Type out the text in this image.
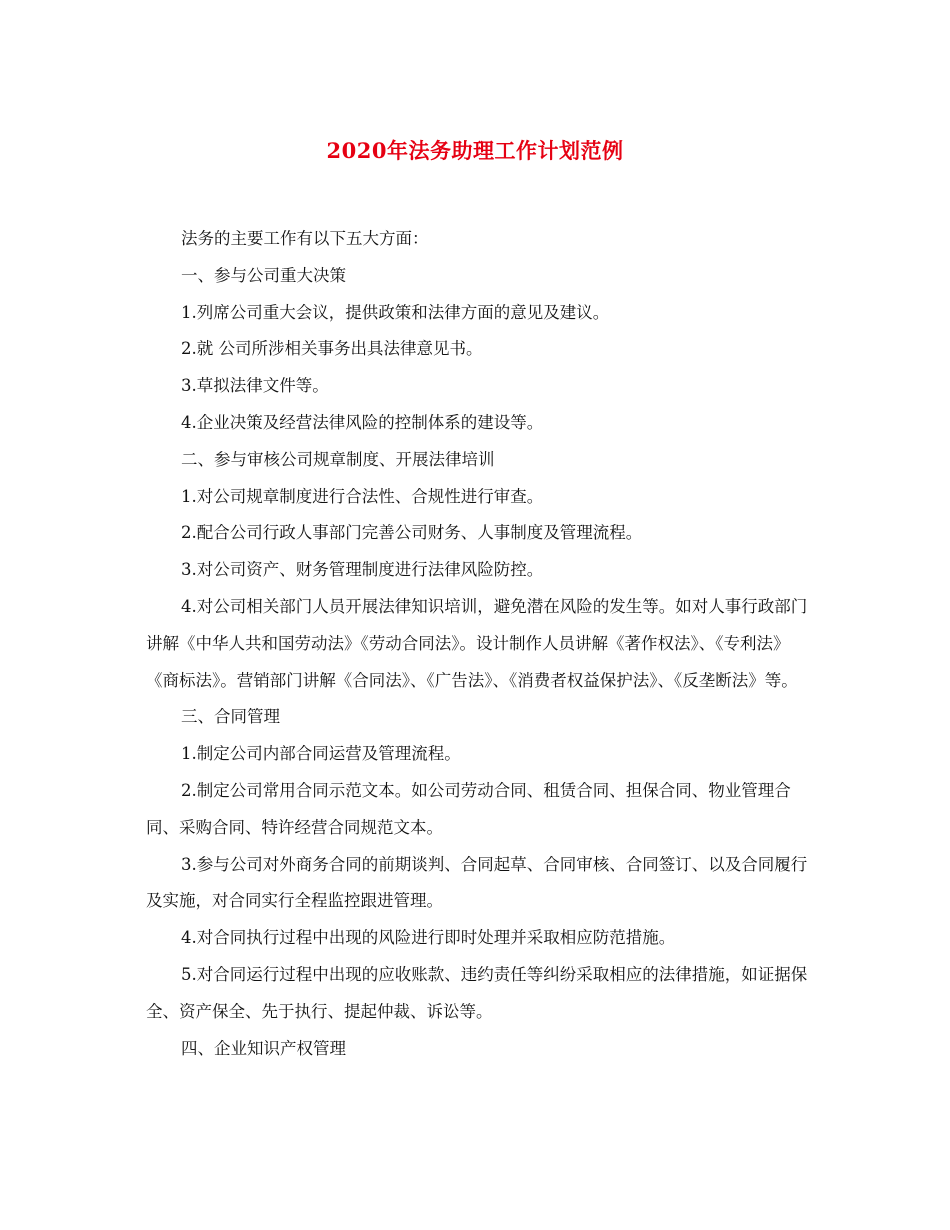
2020年法务助理工作计划范例

法务的主要工作有以下五大方面：

一、参与公司重大决策

1.列席公司重大会议，提供政策和法律方面的意见及建议。

2.就 公司所涉相关事务出具法律意见书。

3.草拟法律文件等。

4.企业决策及经营法律风险的控制体系的建设等。

二、参与审核公司规章制度、开展法律培训

1.对公司规章制度进行合法性、合规性进行审查。

2.配合公司行政人事部门完善公司财务、人事制度及管理流程。

3.对公司资产、财务管理制度进行法律风险防控。

4.对公司相关部门人员开展法律知识培训，避免潜在风险的发生等。如对人事行政部门讲解《中华人共和国劳动法》《劳动合同法》。设计制作人员讲解《著作权法》、《专利法》《商标法》。营销部门讲解《合同法》、《广告法》、《消费者权益保护法》、《反垄断法》等。

三、合同管理

1.制定公司内部合同运营及管理流程。

2.制定公司常用合同示范文本。如公司劳动合同、租赁合同、担保合同、物业管理合同、采购合同、特许经营合同规范文本。

3.参与公司对外商务合同的前期谈判、合同起草、合同审核、合同签订、以及合同履行及实施，对合同实行全程监控跟进管理。

4.对合同执行过程中出现的风险进行即时处理并采取相应防范措施。

5.对合同运行过程中出现的应收账款、违约责任等纠纷采取相应的法律措施，如证据保全、资产保全、先于执行、提起仲裁、诉讼等。

四、企业知识产权管理
